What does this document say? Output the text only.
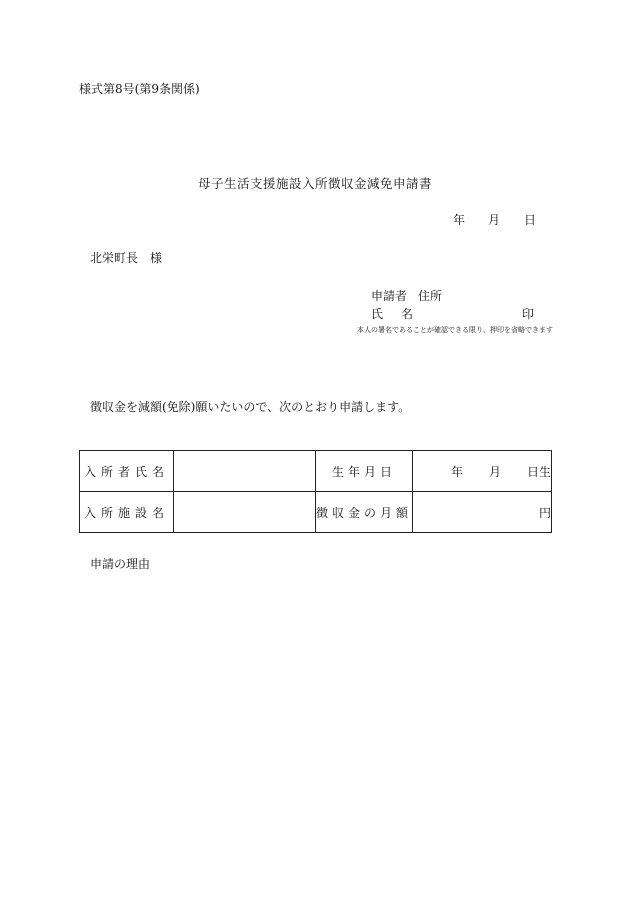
様式第8号(第9条関係)
母子生活支援施設入所徴収金減免申請書
年 月 日
北栄町長 様
申請者 住所
氏名	印
本人の署名であることが確認できる限り、押印を省略できます
徴収金を減額(免除)願いたいので、次のとおり申請します。
入所者氏名		生年月日	年 月 日生
入所施設名		徴収金の月額	円
申請の理由
